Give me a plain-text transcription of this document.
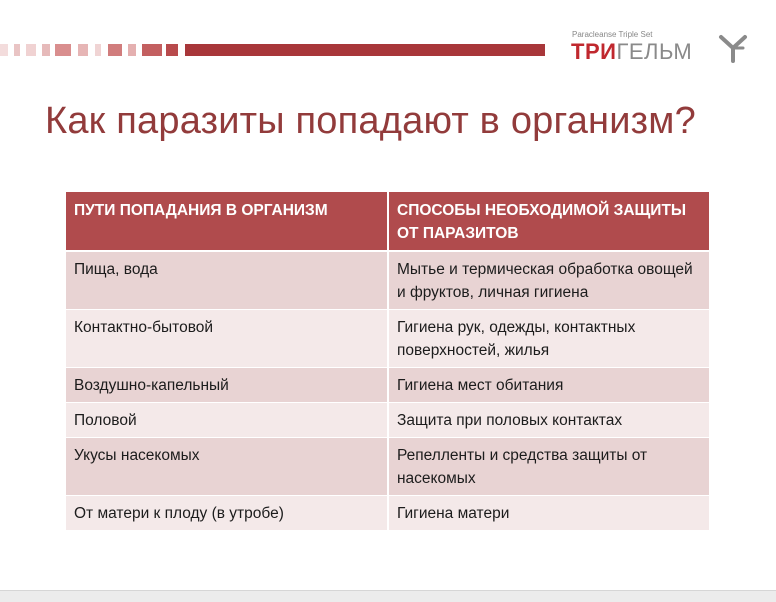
Paracleanse Triple Set
ТРИГЕЛЬМ
Как паразиты попадают в организм?
ПУТИ ПОПАДАНИЯ В ОРГАНИЗМ	СПОСОБЫ НЕОБХОДИМОЙ ЗАЩИТЫ ОТ ПАРАЗИТОВ
Пища, вода	Мытье и термическая обработка овощей и фруктов, личная гигиена
Контактно-бытовой	Гигиена рук, одежды, контактных поверхностей, жилья
Воздушно-капельный	Гигиена мест обитания
Половой	Защита при половых контактах
Укусы насекомых	Репелленты и средства защиты от насекомых
От матери к плоду (в утробе)	Гигиена матери
